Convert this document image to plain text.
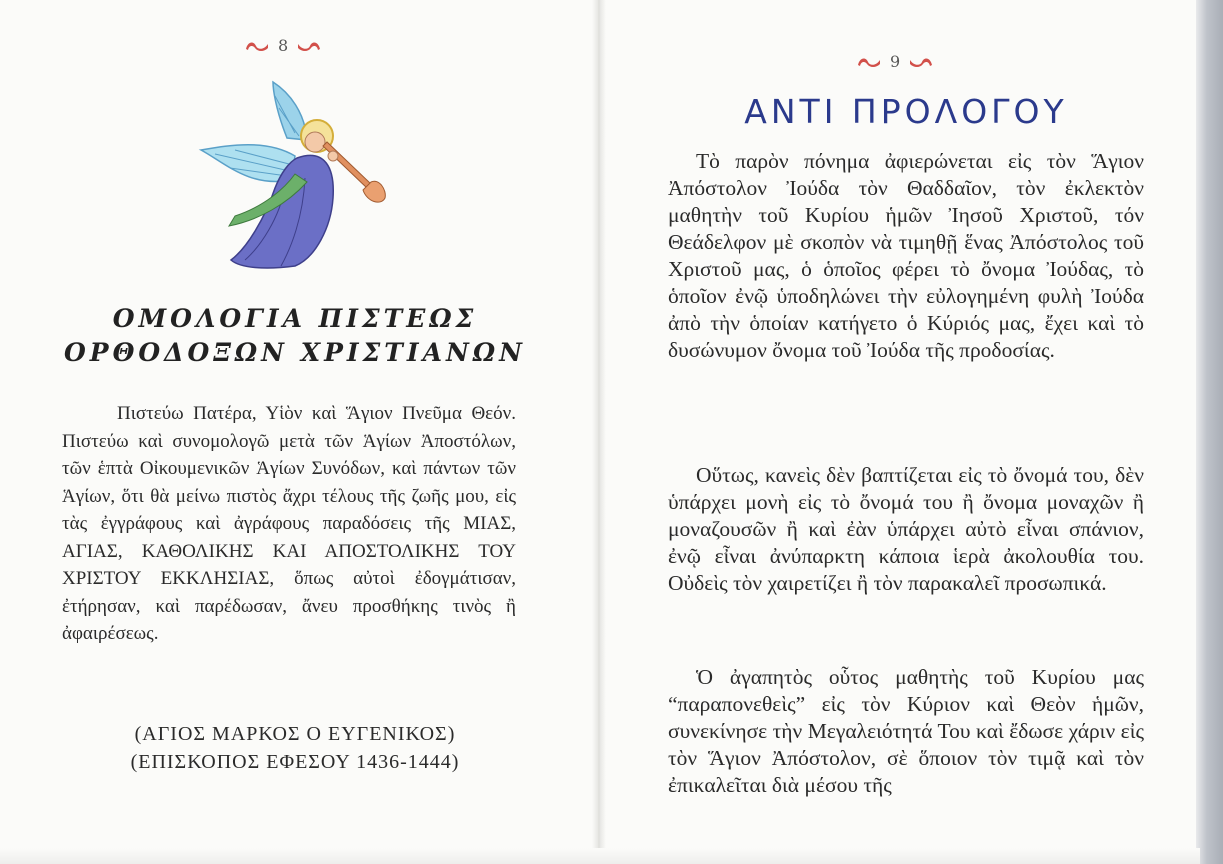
8
ΟΜΟΛΟΓΙΑ ΠΙΣΤΕΩΣ
ΟΡΘΟΔΟΞΩΝ ΧΡΙΣΤΙΑΝΩΝ

Πιστεύω Πατέρα, Υἱὸν καὶ Ἅγιον Πνεῦμα Θεόν. Πιστεύω καὶ συνομολογῶ μετὰ τῶν Ἁγίων Ἀποστόλων, τῶν ἑπτὰ Οἰκουμενικῶν Ἁγίων Συνόδων, καὶ πάντων τῶν Ἁγίων, ὅτι θὰ μείνω πιστὸς ἄχρι τέλους τῆς ζωῆς μου, εἰς τὰς ἐγγράφους καὶ ἀγράφους παραδόσεις τῆς ΜΙΑΣ, ΑΓΙΑΣ, ΚΑΘΟΛΙΚΗΣ ΚΑΙ ΑΠΟΣΤΟΛΙΚΗΣ ΤΟΥ ΧΡΙΣΤΟΥ ΕΚΚΛΗΣΙΑΣ, ὅπως αὐτοὶ ἐδογμάτισαν, ἐτήρησαν, καὶ παρέδωσαν, ἄνευ προσθήκης τινὸς ἢ ἀφαιρέσεως.

(ΑΓΙΟΣ ΜΑΡΚΟΣ Ο ΕΥΓΕΝΙΚΟΣ)
(ΕΠΙΣΚΟΠΟΣ ΕΦΕΣΟΥ 1436-1444)
9
ΑΝΤΙ ΠΡΟΛΟΓΟΥ

Τὸ παρὸν πόνημα ἀφιερώνεται εἰς τὸν Ἅγιον Ἀπόστολον Ἰούδα τὸν Θαδδαῖον, τὸν ἐκλεκτὸν μαθητὴν τοῦ Κυρίου ἡμῶν Ἰησοῦ Χριστοῦ, τόν Θεάδελφον μὲ σκοπὸν νὰ τιμηθῇ ἕνας Ἀπόστολος τοῦ Χριστοῦ μας, ὁ ὁποῖος φέρει τὸ ὄνομα Ἰούδας, τὸ ὁποῖον ἐνῷ ὑποδηλώνει τὴν εὐλογημένη φυλὴ Ἰούδα ἀπὸ τὴν ὁποίαν κατήγετο ὁ Κύριός μας, ἔχει καὶ τὸ δυσώνυμον ὄνομα τοῦ Ἰούδα τῆς προδοσίας.

Οὕτως, κανεὶς δὲν βαπτίζεται εἰς τὸ ὄνομά του, δὲν ὑπάρχει μονὴ εἰς τὸ ὄνομά του ἢ ὄνομα μοναχῶν ἢ μοναζουσῶν ἢ καὶ ἐὰν ὑπάρχει αὐτὸ εἶναι σπάνιον, ἐνῷ εἶναι ἀνύπαρκτη κάποια ἱερὰ ἀκολουθία του. Οὐδεὶς τὸν χαιρετίζει ἢ τὸν παρακαλεῖ προσωπικά.

Ὁ ἀγαπητὸς οὗτος μαθητὴς τοῦ Κυρίου μας “παραπονεθεὶς” εἰς τὸν Κύριον καὶ Θεὸν ἡμῶν, συνεκίνησε τὴν Μεγαλειότητά Του καὶ ἔδωσε χάριν εἰς τὸν Ἅγιον Ἀπόστολον, σὲ ὅποιον τὸν τιμᾷ καὶ τὸν ἐπικαλεῖται διὰ μέσου τῆς
